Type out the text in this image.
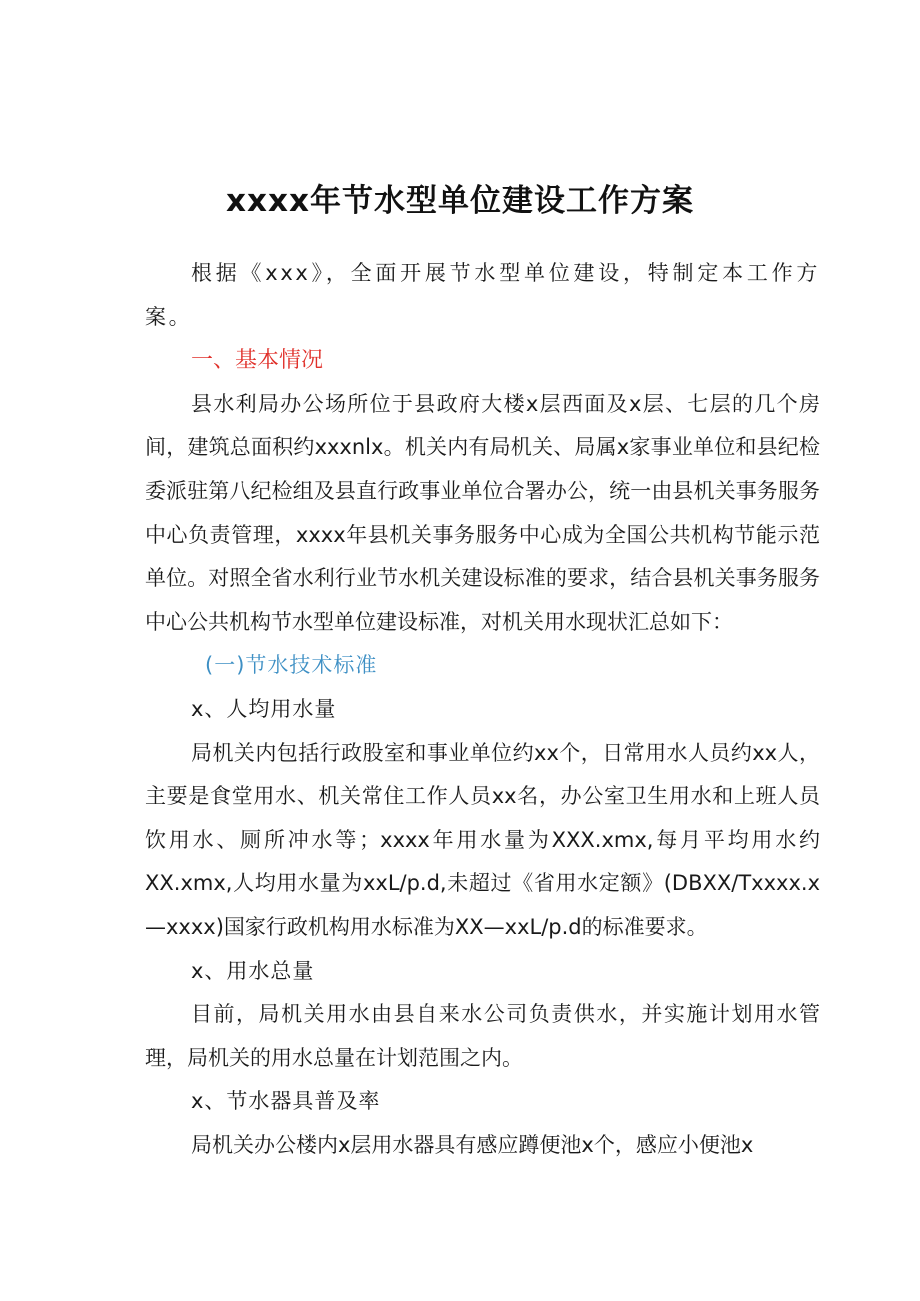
xxxx年节水型单位建设工作方案

根据《xxx》，全面开展节水型单位建设，特制定本工作方案。

一、基本情况

县水利局办公场所位于县政府大楼x层西面及x层、七层的几个房间，建筑总面积约xxxnlx。机关内有局机关、局属x家事业单位和县纪检委派驻第八纪检组及县直行政事业单位合署办公，统一由县机关事务服务中心负责管理，xxxx年县机关事务服务中心成为全国公共机构节能示范单位。对照全省水利行业节水机关建设标准的要求，结合县机关事务服务中心公共机构节水型单位建设标准，对机关用水现状汇总如下：

(一)节水技术标准

x、人均用水量

局机关内包括行政股室和事业单位约xx个，日常用水人员约xx人，主要是食堂用水、机关常住工作人员xx名，办公室卫生用水和上班人员饮用水、厕所冲水等；xxxx年用水量为XXX.xmx,每月平均用水约XX.xmx,人均用水量为xxL/p.d,未超过《省用水定额》(DBXX/Txxxx.x—xxxx)国家行政机构用水标准为XX—xxL/p.d的标准要求。

x、用水总量

目前，局机关用水由县自来水公司负责供水，并实施计划用水管理，局机关的用水总量在计划范围之内。

x、节水器具普及率

局机关办公楼内x层用水器具有感应蹲便池x个，感应小便池x
